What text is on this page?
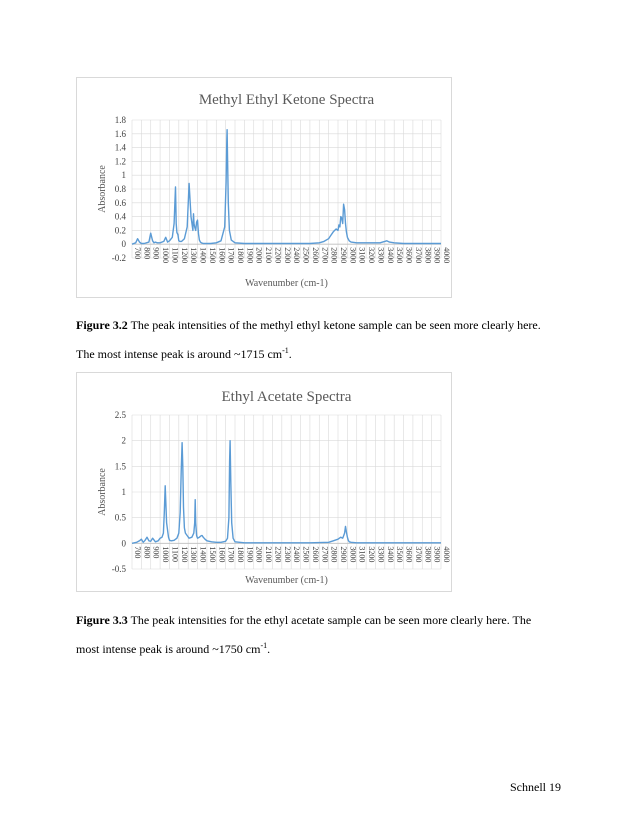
-0.2
0
0.2
0.4
0.6
0.8
1
1.2
1.4
1.6
1.8
700 800 900 1000 1100 1200 1300 1400 1500 1600 1700 1800 1900 2000 2100 2200 2300 2400 2500 2600 2700 2800 2900 3000 3100 3200 3300 3400 3500 3600 3700 3800 3900 4000
Methyl Ethyl Ketone Spectra
Wavenumber (cm-1)
Absorbance
Figure 3.2 The peak intensities of the methyl ethyl ketone sample can be seen more clearly here.
The most intense peak is around ~1715 $cm^{-1}$.
-0.5
0
0.5
1
1.5
2
2.5
700 800 900 1000 1100 1200 1300 1400 1500 1600 1700 1800 1900 2000 2100 2200 2300 2400 2500 2600 2700 2800 2900 3000 3100 3200 3300 3400 3500 3600 3700 3800 3900 4000
Ethyl Acetate Spectra
Wavenumber (cm-1)
Absorbance
Figure 3.3 The peak intensities for the ethyl acetate sample can be seen more clearly here. The
most intense peak is around ~1750 $cm^{-1}$.
Schnell 19
